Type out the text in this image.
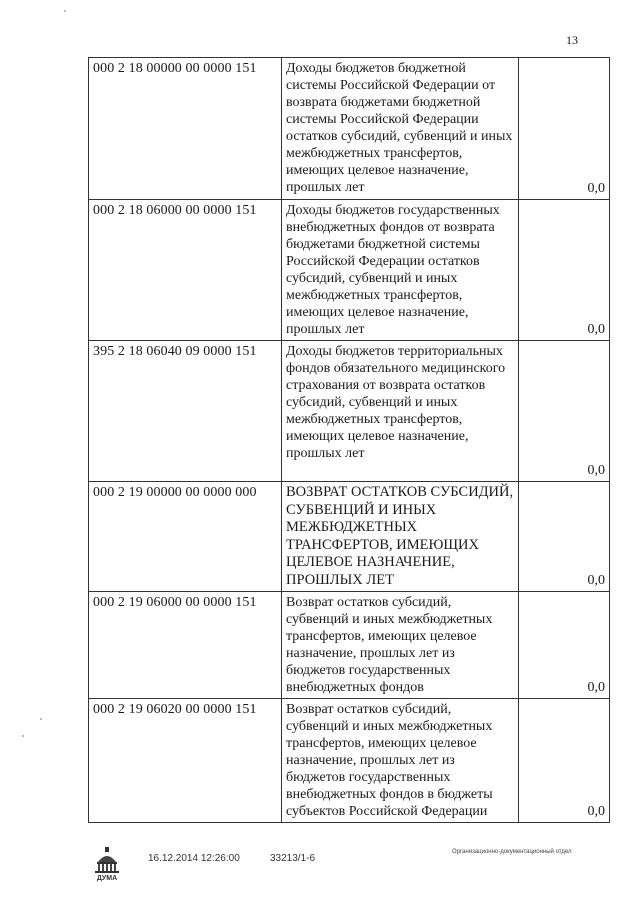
13
000 2 18 00000 00 0000 151	Доходы бюджетов бюджетной системы Российской Федерации от возврата бюджетами бюджетной системы Российской Федерации остатков субсидий, субвенций и иных межбюджетных трансфертов, имеющих целевое назначение, прошлых лет	0,0
000 2 18 06000 00 0000 151	Доходы бюджетов государственных внебюджетных фондов от возврата бюджетами бюджетной системы Российской Федерации остатков субсидий, субвенций и иных межбюджетных трансфертов, имеющих целевое назначение, прошлых лет	0,0
395 2 18 06040 09 0000 151	Доходы бюджетов территориальных фондов обязательного медицинского страхования от возврата остатков субсидий, субвенций и иных межбюджетных трансфертов, имеющих целевое назначение, прошлых лет	0,0
000 2 19 00000 00 0000 000	ВОЗВРАТ ОСТАТКОВ СУБСИДИЙ, СУБВЕНЦИЙ И ИНЫХ МЕЖБЮДЖЕТНЫХ ТРАНСФЕРТОВ, ИМЕЮЩИХ ЦЕЛЕВОЕ НАЗНАЧЕНИЕ, ПРОШЛЫХ ЛЕТ	0,0
000 2 19 06000 00 0000 151	Возврат остатков субсидий, субвенций и иных межбюджетных трансфертов, имеющих целевое назначение, прошлых лет из бюджетов государственных внебюджетных фондов	0,0
000 2 19 06020 00 0000 151	Возврат остатков субсидий, субвенций и иных межбюджетных трансфертов, имеющих целевое назначение, прошлых лет из бюджетов государственных внебюджетных фондов в бюджеты субъектов Российской Федерации	0,0
ДУМА
16.12.2014 12:26:00	33213/1-6
Организационно-документационный отдел
